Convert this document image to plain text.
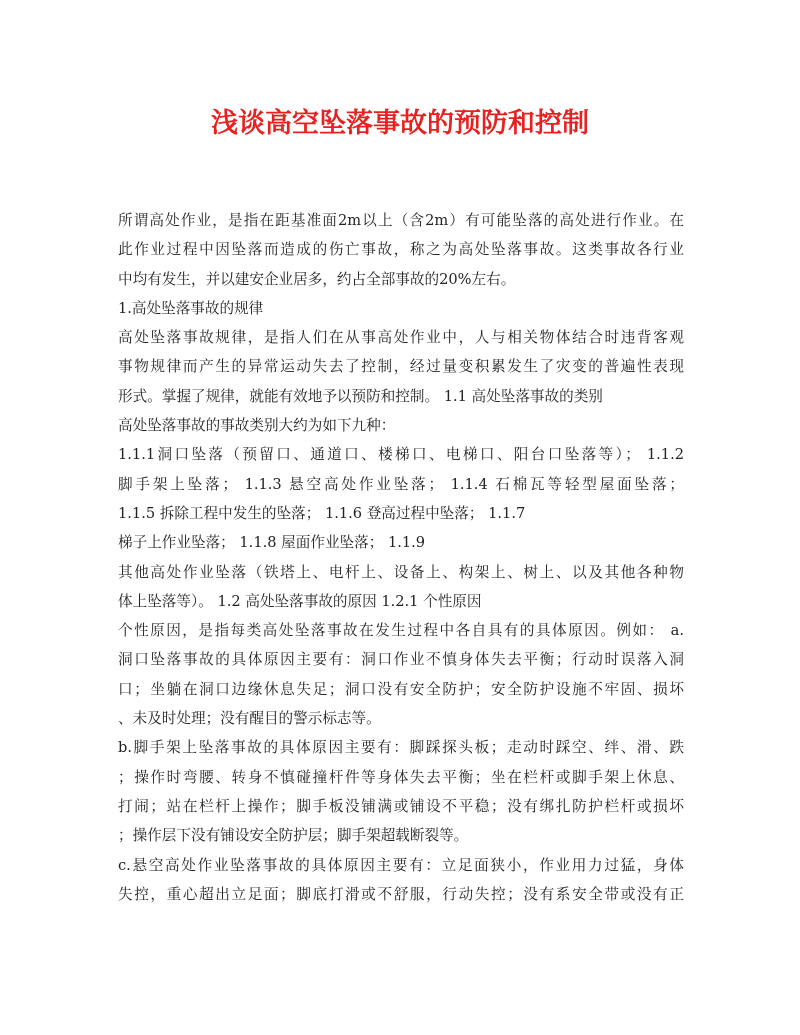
浅谈高空坠落事故的预防和控制
所谓高处作业，是指在距基准面2m以上（含2m）有可能坠落的高处进行作业。在
此作业过程中因坠落而造成的伤亡事故，称之为高处坠落事故。这类事故各行业
中均有发生，并以建安企业居多，约占全部事故的20%左右。
1.高处坠落事故的规律
高处坠落事故规律，是指人们在从事高处作业中，人与相关物体结合时违背客观
事物规律而产生的异常运动失去了控制，经过量变积累发生了灾变的普遍性表现
形式。掌握了规律，就能有效地予以预防和控制。 1.1 高处坠落事故的类别
高处坠落事故的事故类别大约为如下九种：
1.1.1洞口坠落（预留口、通道口、楼梯口、电梯口、阳台口坠落等）； 1.1.2
脚手架上坠落； 1.1.3 悬空高处作业坠落； 1.1.4 石棉瓦等轻型屋面坠落；
1.1.5 拆除工程中发生的坠落； 1.1.6 登高过程中坠落； 1.1.7
梯子上作业坠落； 1.1.8 屋面作业坠落； 1.1.9
其他高处作业坠落（铁塔上、电杆上、设备上、构架上、树上、以及其他各种物
体上坠落等）。 1.2 高处坠落事故的原因 1.2.1 个性原因
个性原因，是指每类高处坠落事故在发生过程中各自具有的具体原因。例如： a.
洞口坠落事故的具体原因主要有：洞口作业不慎身体失去平衡；行动时误落入洞
口；坐躺在洞口边缘休息失足；洞口没有安全防护；安全防护设施不牢固、损坏
、未及时处理；没有醒目的警示标志等。
b.脚手架上坠落事故的具体原因主要有：脚踩探头板；走动时踩空、绊、滑、跌
；操作时弯腰、转身不慎碰撞杆件等身体失去平衡；坐在栏杆或脚手架上休息、
打闹；站在栏杆上操作；脚手板没铺满或铺设不平稳；没有绑扎防护栏杆或损坏
；操作层下没有铺设安全防护层；脚手架超载断裂等。
c.悬空高处作业坠落事故的具体原因主要有：立足面狭小，作业用力过猛，身体
失控，重心超出立足面；脚底打滑或不舒服，行动失控；没有系安全带或没有正
